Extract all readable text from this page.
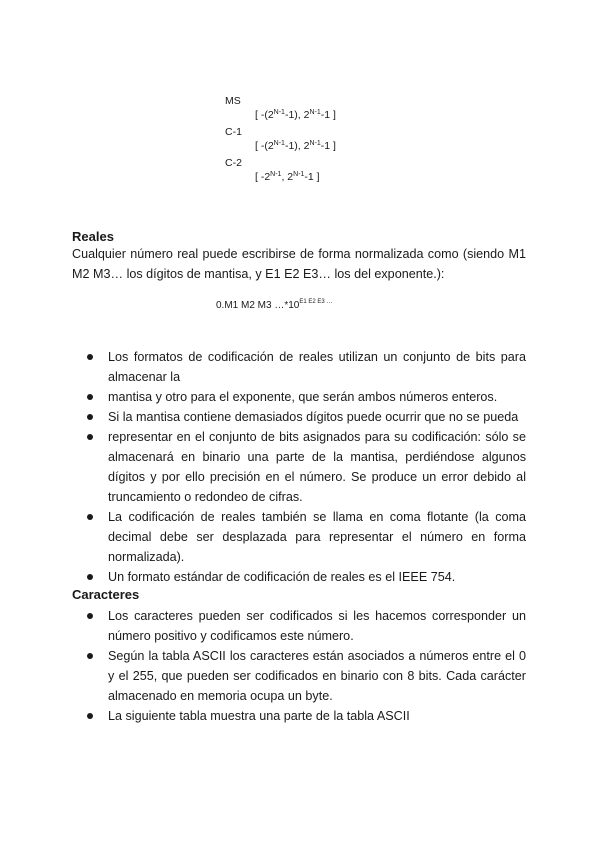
MS
[ $-(2^{N-1}-1)$, $2^{N-1}-1$ ]
C-1
[ $-(2^{N-1}-1)$, $2^{N-1}-1$ ]
C-2
[ $-2^{N-1}$, $2^{N-1}-1$ ]
Reales
Cualquier número real puede escribirse de forma normalizada como (siendo M1 M2 M3… los dígitos de mantisa, y E1 E2 E3… los del exponente.):
0.M1 M2 M3 $\dots*10^{E1 E2 E3 \dots}$
Los formatos de codificación de reales utilizan un conjunto de bits para almacenar la
mantisa y otro para el exponente, que serán ambos números enteros.
Si la mantisa contiene demasiados dígitos puede ocurrir que no se pueda
representar en el conjunto de bits asignados para su codificación: sólo se almacenará en binario una parte de la mantisa, perdiéndose algunos dígitos y por ello precisión en el número. Se produce un error debido al truncamiento o redondeo de cifras.
La codificación de reales también se llama en coma flotante (la coma decimal debe ser desplazada para representar el número en forma normalizada).
Un formato estándar de codificación de reales es el IEEE 754.
Caracteres
Los caracteres pueden ser codificados si les hacemos corresponder un número positivo y codificamos este número.
Según la tabla ASCII los caracteres están asociados a números entre el 0 y el 255, que pueden ser codificados en binario con 8 bits. Cada carácter almacenado en memoria ocupa un byte.
La siguiente tabla muestra una parte de la tabla ASCII
